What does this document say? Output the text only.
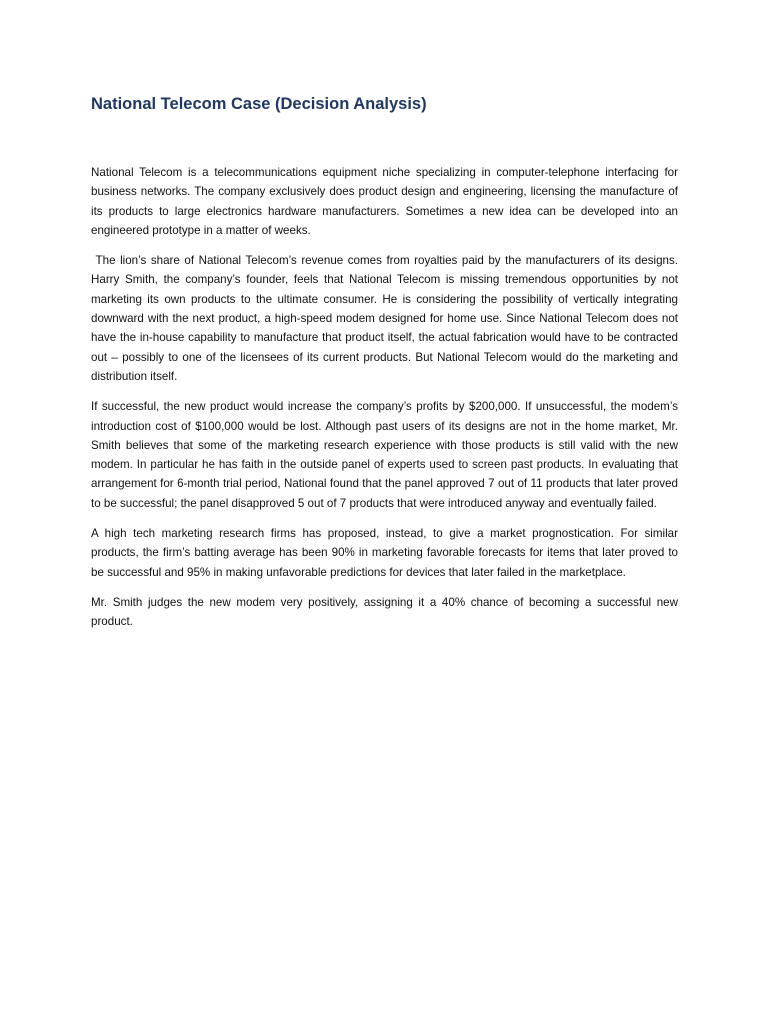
National Telecom Case (Decision Analysis)

National Telecom is a telecommunications equipment niche specializing in computer-telephone interfacing for business networks. The company exclusively does product design and engineering, licensing the manufacture of its products to large electronics hardware manufacturers. Sometimes a new idea can be developed into an engineered prototype in a matter of weeks.

The lion’s share of National Telecom’s revenue comes from royalties paid by the manufacturers of its designs. Harry Smith, the company’s founder, feels that National Telecom is missing tremendous opportunities by not marketing its own products to the ultimate consumer. He is considering the possibility of vertically integrating downward with the next product, a high-speed modem designed for home use. Since National Telecom does not have the in-house capability to manufacture that product itself, the actual fabrication would have to be contracted out – possibly to one of the licensees of its current products. But National Telecom would do the marketing and distribution itself.

If successful, the new product would increase the company’s profits by $200,000. If unsuccessful, the modem’s introduction cost of $100,000 would be lost. Although past users of its designs are not in the home market, Mr. Smith believes that some of the marketing research experience with those products is still valid with the new modem. In particular he has faith in the outside panel of experts used to screen past products. In evaluating that arrangement for 6-month trial period, National found that the panel approved 7 out of 11 products that later proved to be successful; the panel disapproved 5 out of 7 products that were introduced anyway and eventually failed.

A high tech marketing research firms has proposed, instead, to give a market prognostication. For similar products, the firm’s batting average has been 90% in marketing favorable forecasts for items that later proved to be successful and 95% in making unfavorable predictions for devices that later failed in the marketplace.

Mr. Smith judges the new modem very positively, assigning it a 40% chance of becoming a successful new product.
